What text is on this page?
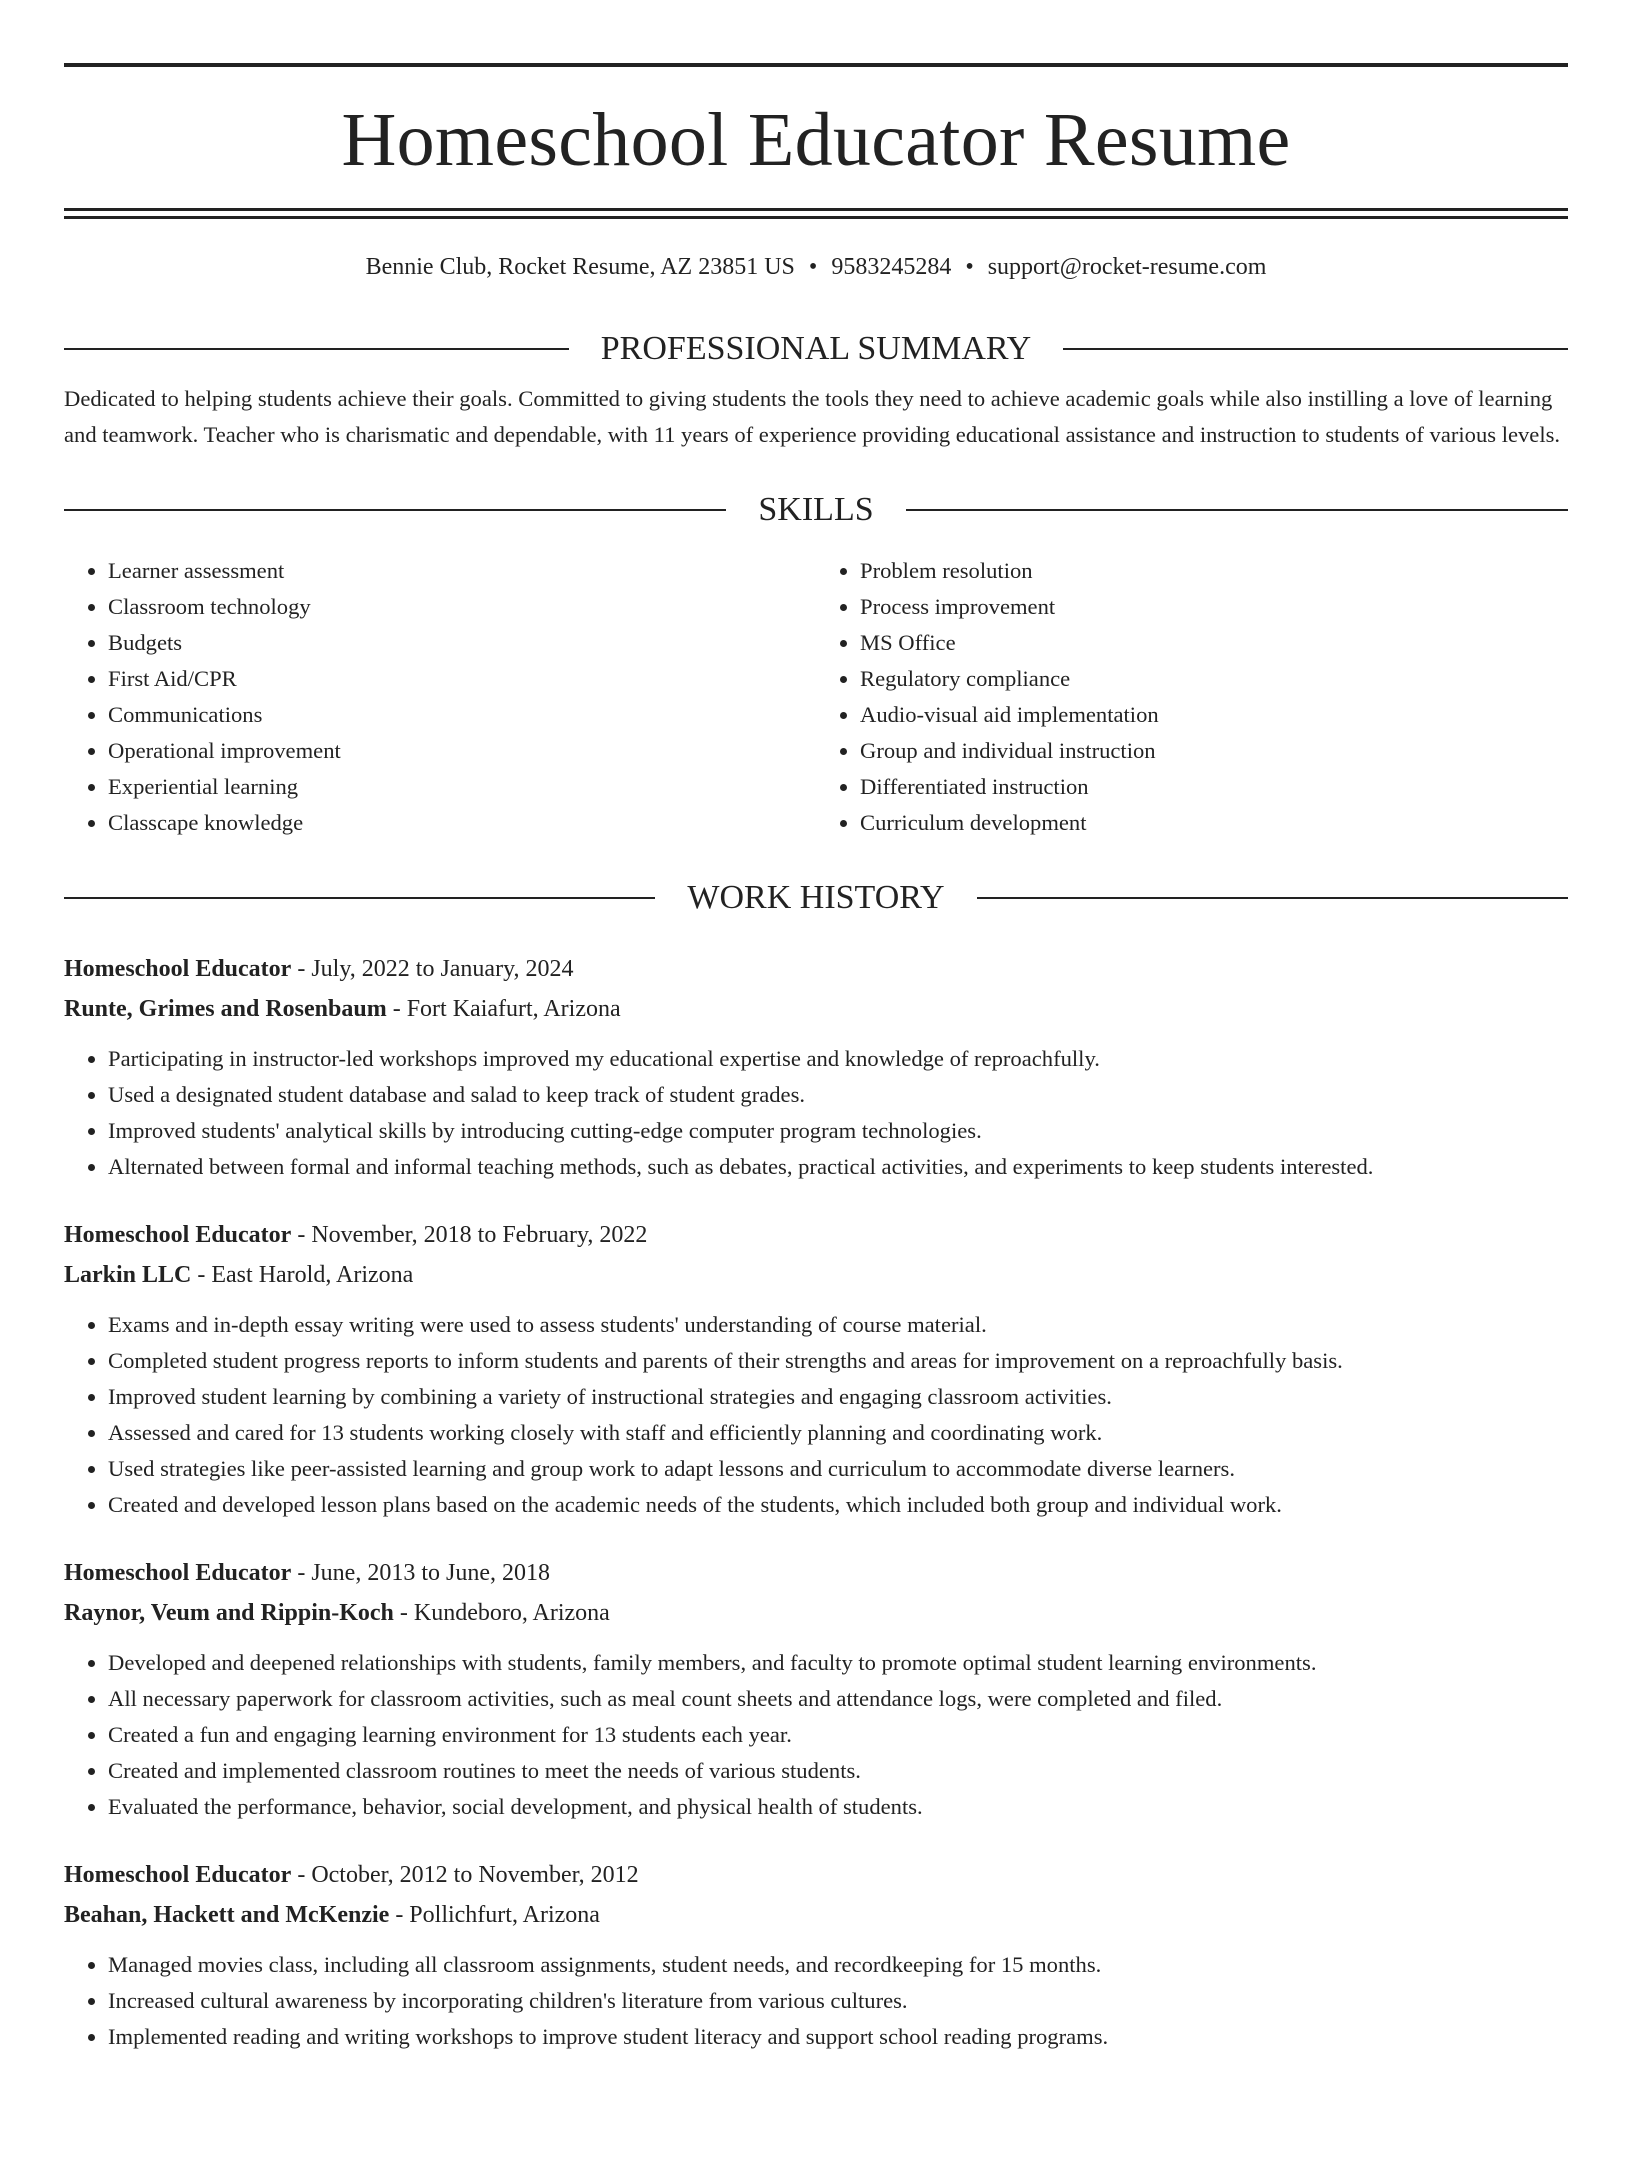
Homeschool Educator Resume
Bennie Club, Rocket Resume, AZ 23851 US • 9583245284 • support@rocket-resume.com
PROFESSIONAL SUMMARY

Dedicated to helping students achieve their goals. Committed to giving students the tools they need to achieve academic goals while also instilling a love of learning and teamwork. Teacher who is charismatic and dependable, with 11 years of experience providing educational assistance and instruction to students of various levels.

SKILLS
• Learner assessment
• Classroom technology
• Budgets
• First Aid/CPR
• Communications
• Operational improvement
• Experiential learning
• Classcape knowledge
• Problem resolution
• Process improvement
• MS Office
• Regulatory compliance
• Audio-visual aid implementation
• Group and individual instruction
• Differentiated instruction
• Curriculum development
WORK HISTORY
Homeschool Educator - July, 2022 to January, 2024
Runte, Grimes and Rosenbaum - Fort Kaiafurt, Arizona
• Participating in instructor-led workshops improved my educational expertise and knowledge of reproachfully.
• Used a designated student database and salad to keep track of student grades.
• Improved students' analytical skills by introducing cutting-edge computer program technologies.
• Alternated between formal and informal teaching methods, such as debates, practical activities, and experiments to keep students interested.
Homeschool Educator - November, 2018 to February, 2022
Larkin LLC - East Harold, Arizona
• Exams and in-depth essay writing were used to assess students' understanding of course material.
• Completed student progress reports to inform students and parents of their strengths and areas for improvement on a reproachfully basis.
• Improved student learning by combining a variety of instructional strategies and engaging classroom activities.
• Assessed and cared for 13 students working closely with staff and efficiently planning and coordinating work.
• Used strategies like peer-assisted learning and group work to adapt lessons and curriculum to accommodate diverse learners.
• Created and developed lesson plans based on the academic needs of the students, which included both group and individual work.
Homeschool Educator - June, 2013 to June, 2018
Raynor, Veum and Rippin-Koch - Kundeboro, Arizona
• Developed and deepened relationships with students, family members, and faculty to promote optimal student learning environments.
• All necessary paperwork for classroom activities, such as meal count sheets and attendance logs, were completed and filed.
• Created a fun and engaging learning environment for 13 students each year.
• Created and implemented classroom routines to meet the needs of various students.
• Evaluated the performance, behavior, social development, and physical health of students.
Homeschool Educator - October, 2012 to November, 2012
Beahan, Hackett and McKenzie - Pollichfurt, Arizona
• Managed movies class, including all classroom assignments, student needs, and recordkeeping for 15 months.
• Increased cultural awareness by incorporating children's literature from various cultures.
• Implemented reading and writing workshops to improve student literacy and support school reading programs.
